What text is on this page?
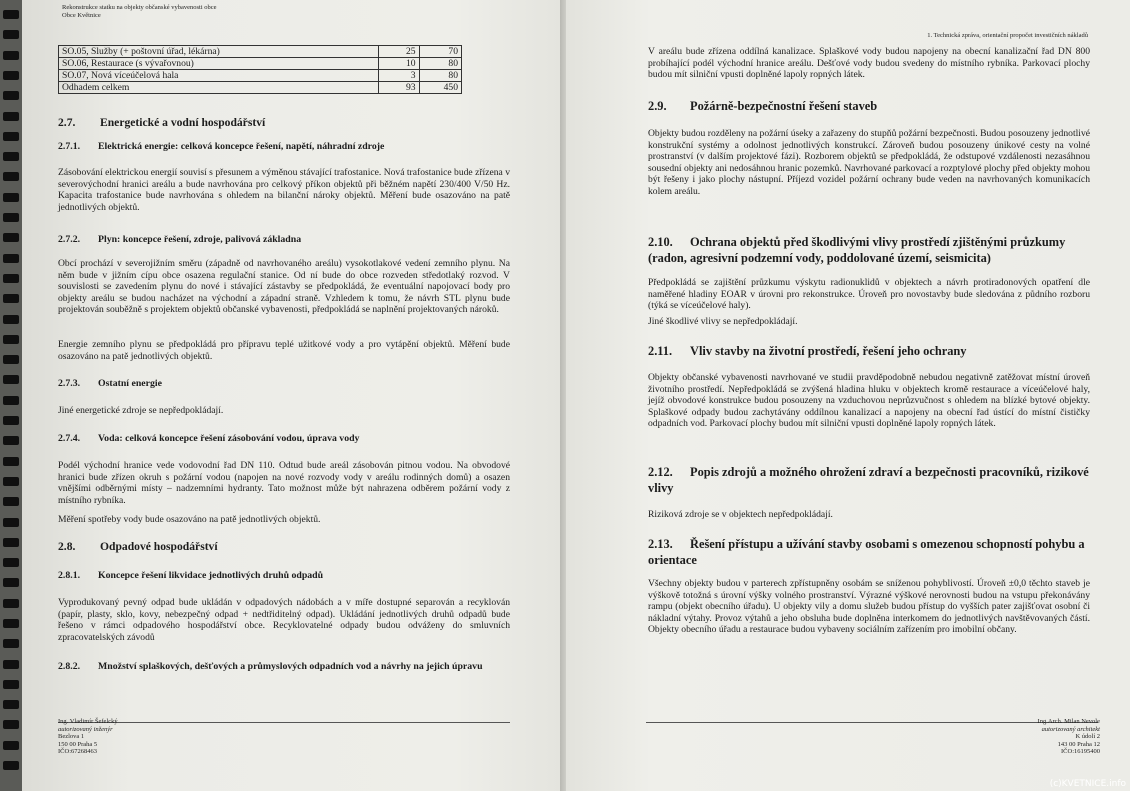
Rekonstrukce statku na objekty občanské vybavenosti obce
Obce Květnice
SO.05, Služby (+ poštovní úřad, lékárna)	25	70
SO.06, Restaurace (s vývařovnou)	10	80
SO.07, Nová víceúčelová hala	3	80
Odhadem celkem	93	450
2.7. Energetické a vodní hospodářství
2.7.1. Elektrická energie: celková koncepce řešení, napětí, náhradní zdroje

Zásobování elektrickou energií souvisí s přesunem a výměnou stávající trafostanice. Nová trafostanice bude zřízena v severovýchodní hranici areálu a bude navrhována pro celkový příkon objektů při běžném napětí 230/400 V/50 Hz. Kapacita trafostanice bude navrhována s ohledem na bilanční nároky objektů. Měření bude osazováno na patě jednotlivých objektů.

2.7.2. Plyn: koncepce řešení, zdroje, palivová základna

Obcí prochází v severojižním směru (západně od navrhovaného areálu) vysokotlakové vedení zemního plynu. Na něm bude v jižním cípu obce osazena regulační stanice. Od ní bude do obce rozveden středotlaký rozvod. V souvislosti se zavedením plynu do nové i stávající zástavby se předpokládá, že eventuální napojovací body pro objekty areálu se budou nacházet na východní a západní straně. Vzhledem k tomu, že návrh STL plynu bude projektován souběžně s projektem objektů občanské vybavenosti, předpokládá se naplnění projektovaných nároků.

Energie zemního plynu se předpokládá pro přípravu teplé užitkové vody a pro vytápění objektů. Měření bude osazováno na patě jednotlivých objektů.

2.7.3. Ostatní energie

Jiné energetické zdroje se nepředpokládají.

2.7.4. Voda: celková koncepce řešení zásobování vodou, úprava vody

Podél východní hranice vede vodovodní řad DN 110. Odtud bude areál zásobován pitnou vodou. Na obvodové hranici bude zřízen okruh s požární vodou (napojen na nové rozvody vody v areálu rodinných domů) a osazen vnějšími odběrnými místy – nadzemními hydranty. Tato možnost může být nahrazena odběrem požární vody z místního rybníka.

Měření spotřeby vody bude osazováno na patě jednotlivých objektů.

2.8. Odpadové hospodářství
2.8.1. Koncepce řešení likvidace jednotlivých druhů odpadů

Vyprodukovaný pevný odpad bude ukládán v odpadových nádobách a v míře dostupné separován a recyklován (papír, plasty, sklo, kovy, nebezpečný odpad + nedtřiditelný odpad). Ukládání jednotlivých druhů odpadů bude řešeno v rámci odpadového hospodářství obce. Recyklovatelné odpady budou odváženy do smluvních zpracovatelských závodů

2.8.2. Množství splaškových, dešťových a průmyslových odpadních vod a návrhy na jejich úpravu
Ing. Vladimír Šefelcký
autorizovaný inženýr
Bezlova 1
150 00 Praha 5
IČO:67268463
1. Technická zpráva, orientační propočet investičních nákladů

V areálu bude zřízena oddílná kanalizace. Splaškové vody budou napojeny na obecní kanalizační řad DN 800 probíhající podél východní hranice areálu. Dešťové vody budou svedeny do místního rybníka. Parkovací plochy budou mít silniční vpusti doplněné lapoly ropných látek.

2.9. Požárně-bezpečnostní řešení staveb

Objekty budou rozděleny na požární úseky a zařazeny do stupňů požární bezpečnosti. Budou posouzeny jednotlivé konstrukční systémy a odolnost jednotlivých konstrukcí. Zároveň budou posouzeny únikové cesty na volné prostranství (v dalším projektové fázi). Rozborem objektů se předpokládá, že odstupové vzdálenosti nezasáhnou sousední objekty ani nedosáhnou hranic pozemků. Navrhované parkovací a rozptylové plochy před objekty mohou být řešeny i jako plochy nástupní. Příjezd vozidel požární ochrany bude veden na navrhovaných komunikacích kolem areálu.

2.10. Ochrana objektů před škodlivými vlivy prostředí zjištěnými průzkumy (radon, agresivní podzemní vody, poddolované území, seismicita)

Předpokládá se zajištění průzkumu výskytu radionuklidů v objektech a návrh protiradonových opatření dle naměřené hladiny EOAR v úrovni pro rekonstrukce. Úroveň pro novostavby bude sledována z půdního rozboru (týká se víceúčelové haly).

Jiné škodlivé vlivy se nepředpokládají.

2.11. Vliv stavby na životní prostředí, řešení jeho ochrany

Objekty občanské vybavenosti navrhované ve studii pravděpodobně nebudou negativně zatěžovat místní úroveň životního prostředí. Nepředpokládá se zvýšená hladina hluku v objektech kromě restaurace a víceúčelové haly, jejíž obvodové konstrukce budou posouzeny na vzduchovou neprůzvučnost s ohledem na blízké bytové objekty. Splaškové odpady budou zachytávány oddílnou kanalizací a napojeny na obecní řad ústící do místní čističky odpadních vod. Parkovací plochy budou mít silniční vpusti doplněné lapoly ropných látek.

2.12. Popis zdrojů a možného ohrožení zdraví a bezpečnosti pracovníků, rizikové vlivy

Riziková zdroje se v objektech nepředpokládají.

2.13. Řešení přístupu a užívání stavby osobami s omezenou schopností pohybu a orientace

Všechny objekty budou v parterech zpřístupněny osobám se sníženou pohyblivostí. Úroveň ±0,0 těchto staveb je výškově totožná s úrovní výšky volného prostranství. Výrazné výškové nerovnosti budou na vstupu překonávány rampu (objekt obecního úřadu). U objekty vily a domu služeb budou přístup do vyšších pater zajišťovat osobní či nákladní výtahy. Provoz výtahů a jeho obsluha bude doplněna interkomem do jednotlivých navštěvovaných částí. Objekty obecního úřadu a restaurace budou vybaveny sociálním zařízením pro imobilní občany.

Ing.Arch. Milan Nevole
autorizovaný architekt
K údolí 2
143 00 Praha 12
IČO:16195400
(c)KVETNICE.info
